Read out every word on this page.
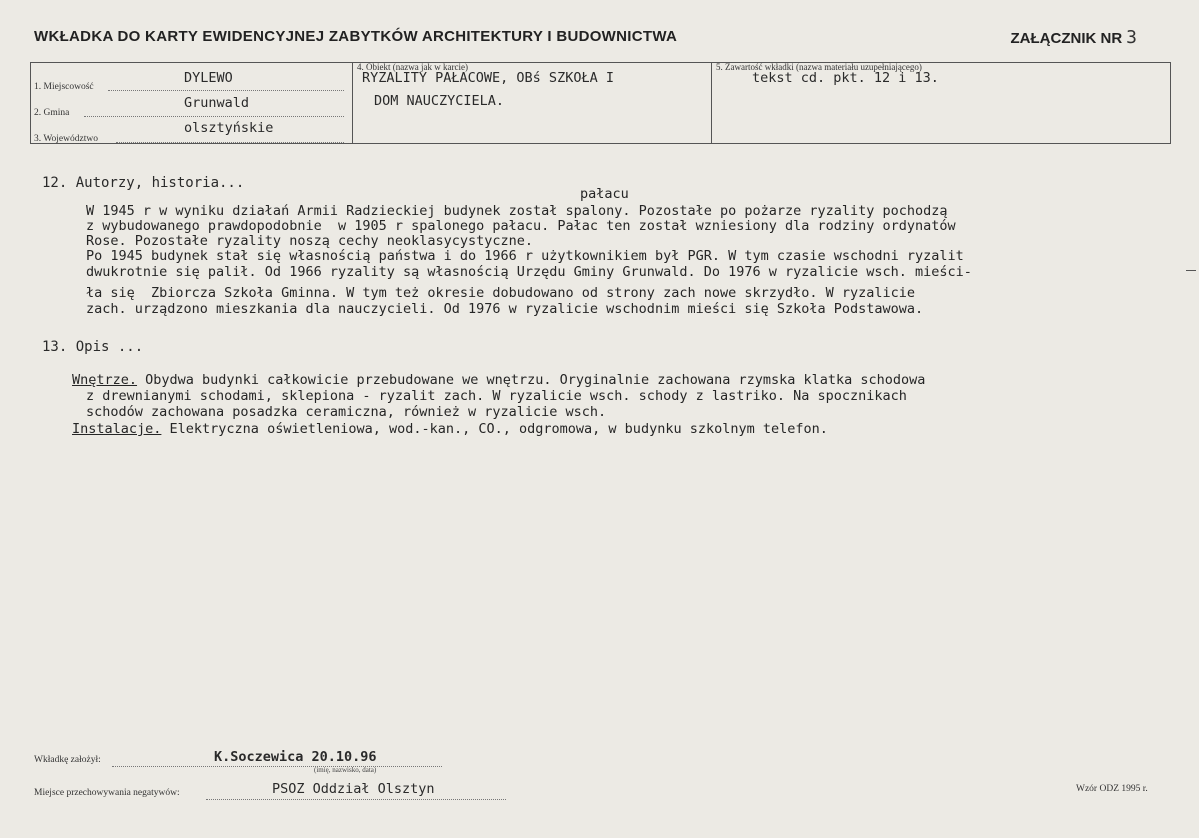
WKŁADKA DO KARTY EWIDENCYJNEJ ZABYTKÓW ARCHITEKTURY I BUDOWNICTWA	ZAŁĄCZNIK NR 3
1. Miejscowość
DYLEWO
2. Gmina
Grunwald
3. Województwo
olsztyńskie
4. Obiekt (nazwa jak w karcie)
RYZALITY PAŁACOWE, OBś SZKOŁA I
DOM NAUCZYCIELA.
5. Zawartość wkładki (nazwa materiału uzupełniającego)
tekst cd. pkt. 12 i 13.
12. Autorzy, historia...
pałacu
W 1945 r w wyniku działań Armii Radzieckiej budynek został spalony. Pozostałe po pożarze ryzality pochodzą
z wybudowanego prawdopodobnie  w 1905 r spalonego pałacu. Pałac ten został wzniesiony dla rodziny ordynatów
Rose. Pozostałe ryzality noszą cechy neoklasycystyczne.
Po 1945 budynek stał się własnością państwa i do 1966 r użytkownikiem był PGR. W tym czasie wschodni ryzalit
dwukrotnie się palił. Od 1966 ryzality są własnością Urzędu Gminy Grunwald. Do 1976 w ryzalicie wsch. mieści-
ła się  Zbiorcza Szkoła Gminna. W tym też okresie dobudowano od strony zach nowe skrzydło. W ryzalicie
zach. urządzono mieszkania dla nauczycieli. Od 1976 w ryzalicie wschodnim mieści się Szkoła Podstawowa.
13. Opis ...
Wnętrze. Obydwa budynki całkowicie przebudowane we wnętrzu. Oryginalnie zachowana rzymska klatka schodowa
z drewnianymi schodami, sklepiona - ryzalit zach. W ryzalicie wsch. schody z lastriko. Na spocznikach
schodów zachowana posadzka ceramiczna, również w ryzalicie wsch.
Instalacje. Elektryczna oświetleniowa, wod.-kan., CO., odgromowa, w budynku szkolnym telefon.
Wkładkę założył:	K.Soczewica 20.10.96
(imię, nazwisko, data)
Miejsce przechowywania negatywów:	PSOZ Oddział Olsztyn	Wzór ODZ 1995 r.
